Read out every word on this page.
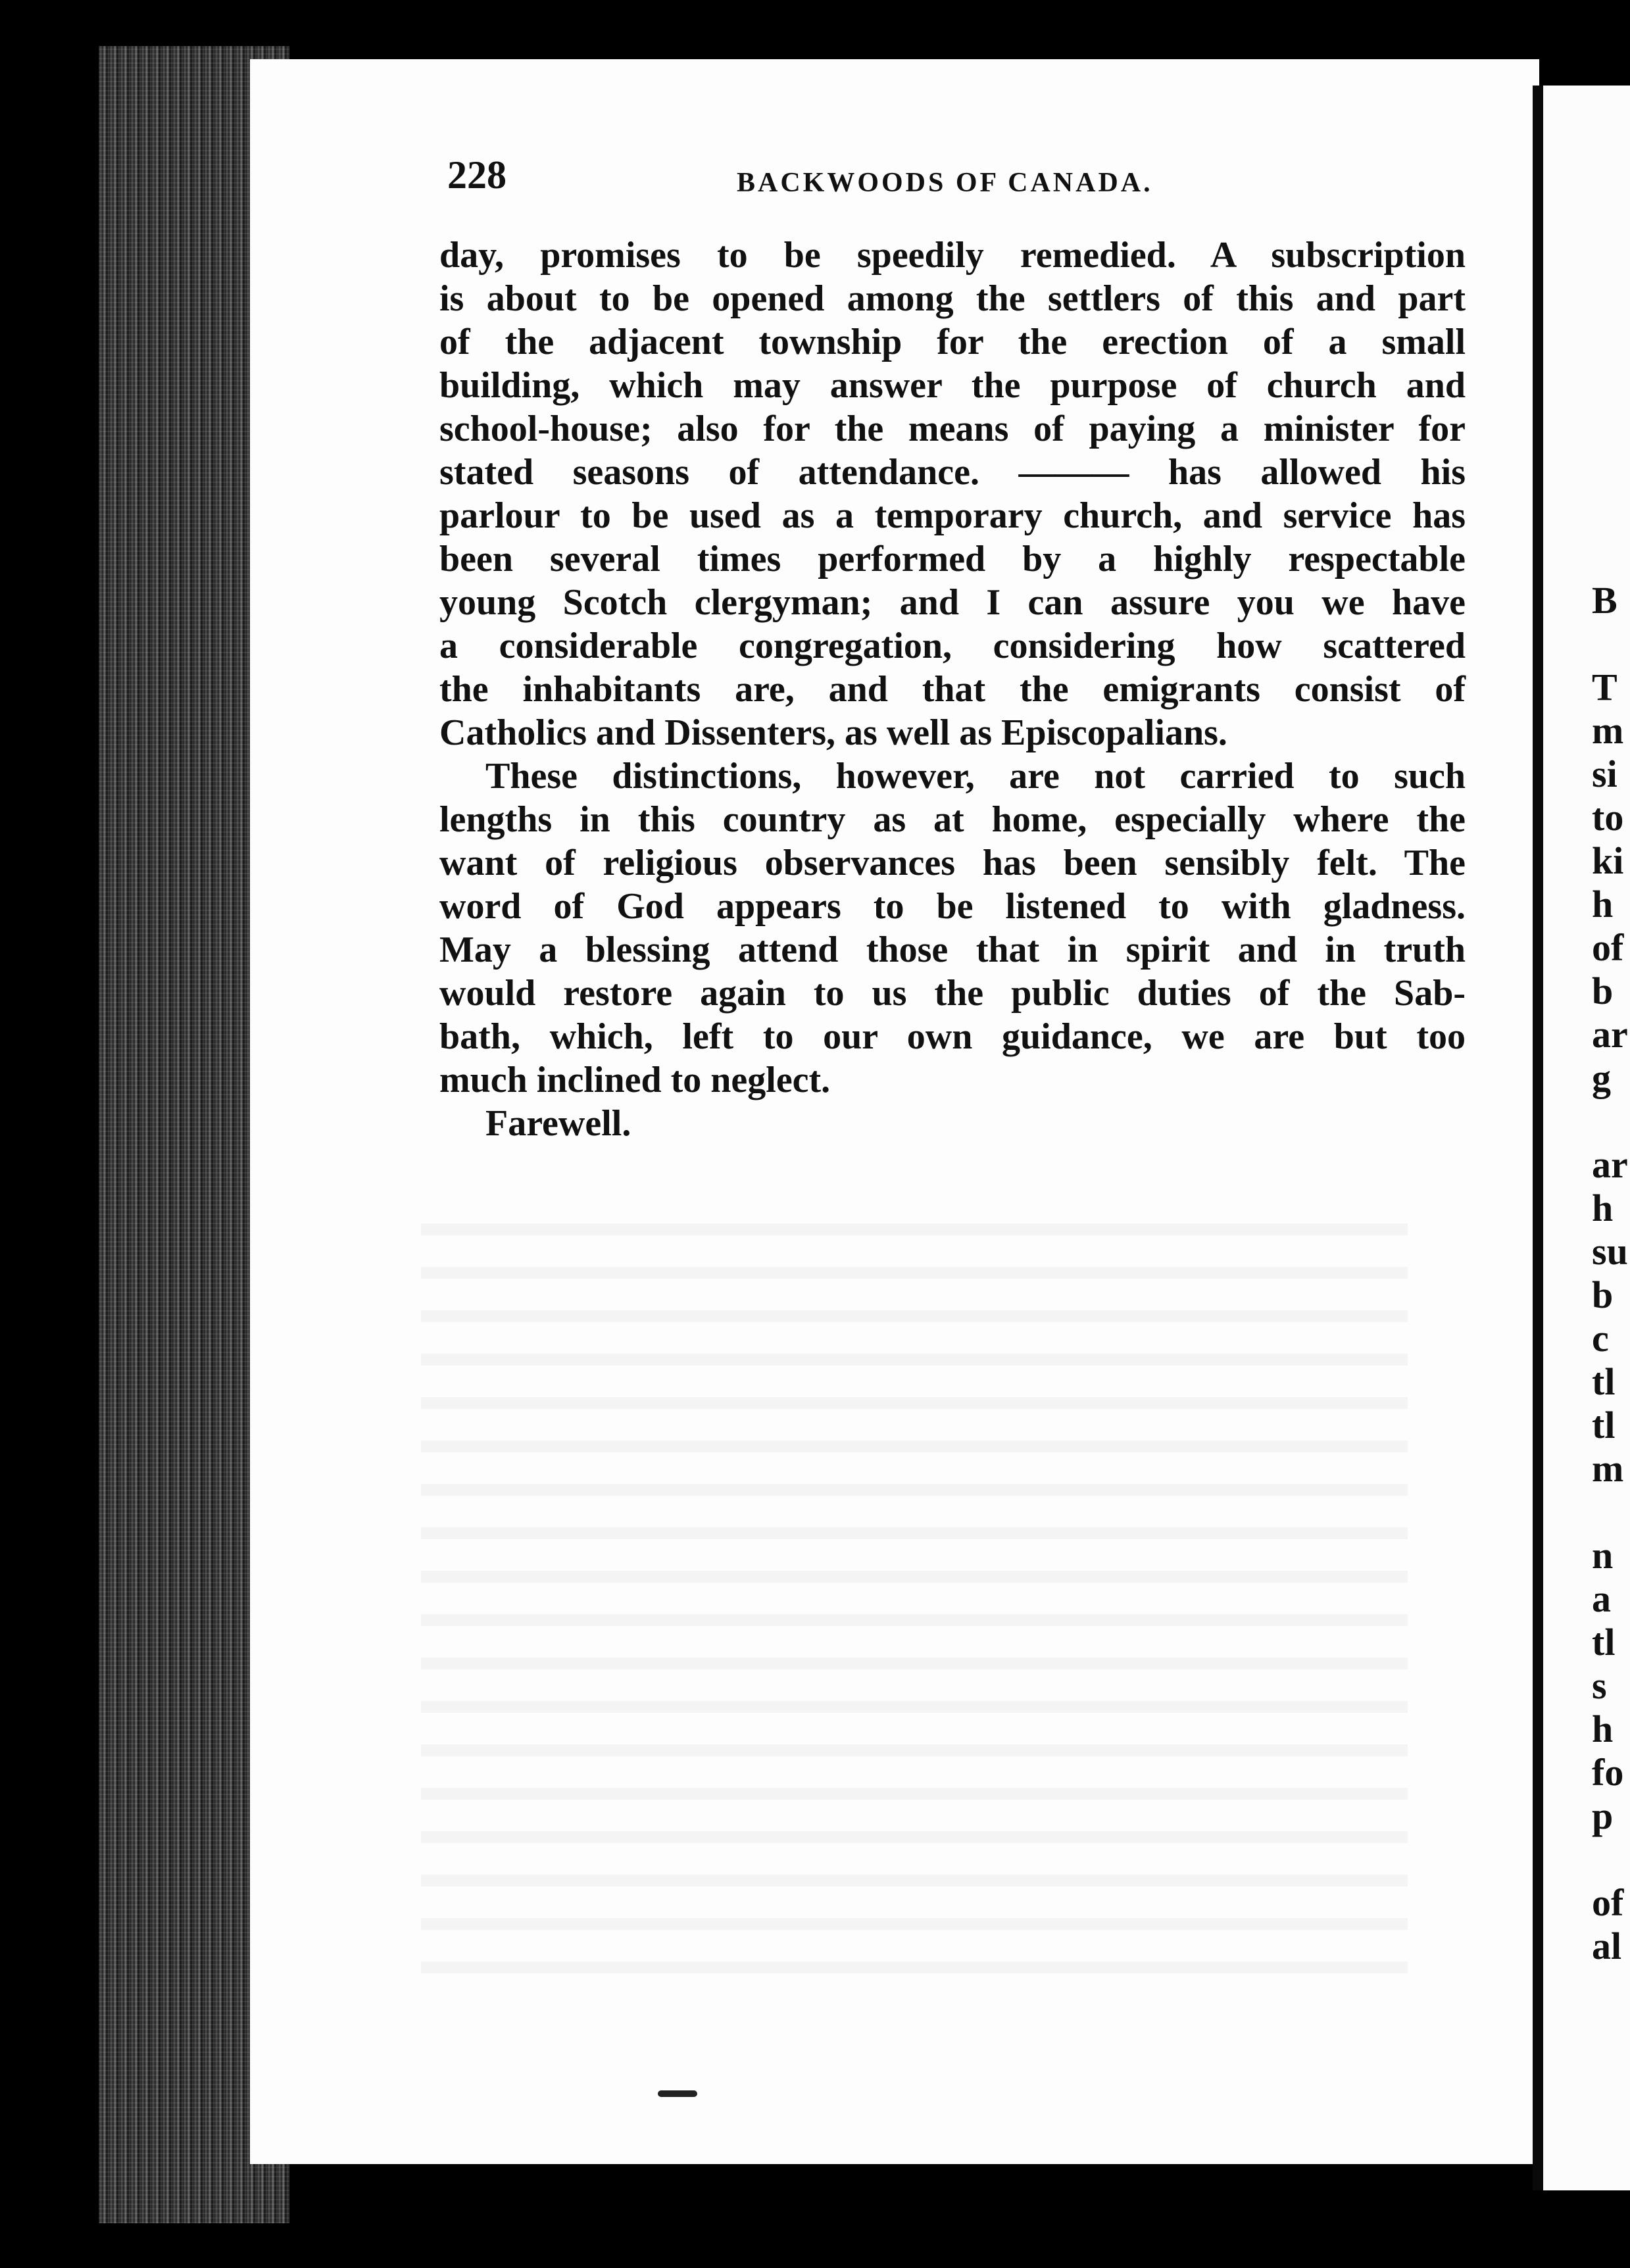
228	BACKWOODS OF CANADA.
day, promises to be speedily remedied. A subscription
is about to be opened among the settlers of this and part
of the adjacent township for the erection of a small
building, which may answer the purpose of church and
school-house; also for the means of paying a minister for
stated seasons of attendance. ——— has allowed his
parlour to be used as a temporary church, and service has
been several times performed by a highly respectable
young Scotch clergyman; and I can assure you we have
a considerable congregation, considering how scattered
the inhabitants are, and that the emigrants consist of
Catholics and Dissenters, as well as Episcopalians.
These distinctions, however, are not carried to such
lengths in this country as at home, especially where the
want of religious observances has been sensibly felt. The
word of God appears to be listened to with gladness.
May a blessing attend those that in spirit and in truth
would restore again to us the public duties of the Sab-
bath, which, left to our own guidance, we are but too
much inclined to neglect.
Farewell.
B
T
m
si
to
ki
h
of
b
ar
g
ar
h
su
b
c
tl
tl
m
n
a
tl
s
h
fo
p
of
al
